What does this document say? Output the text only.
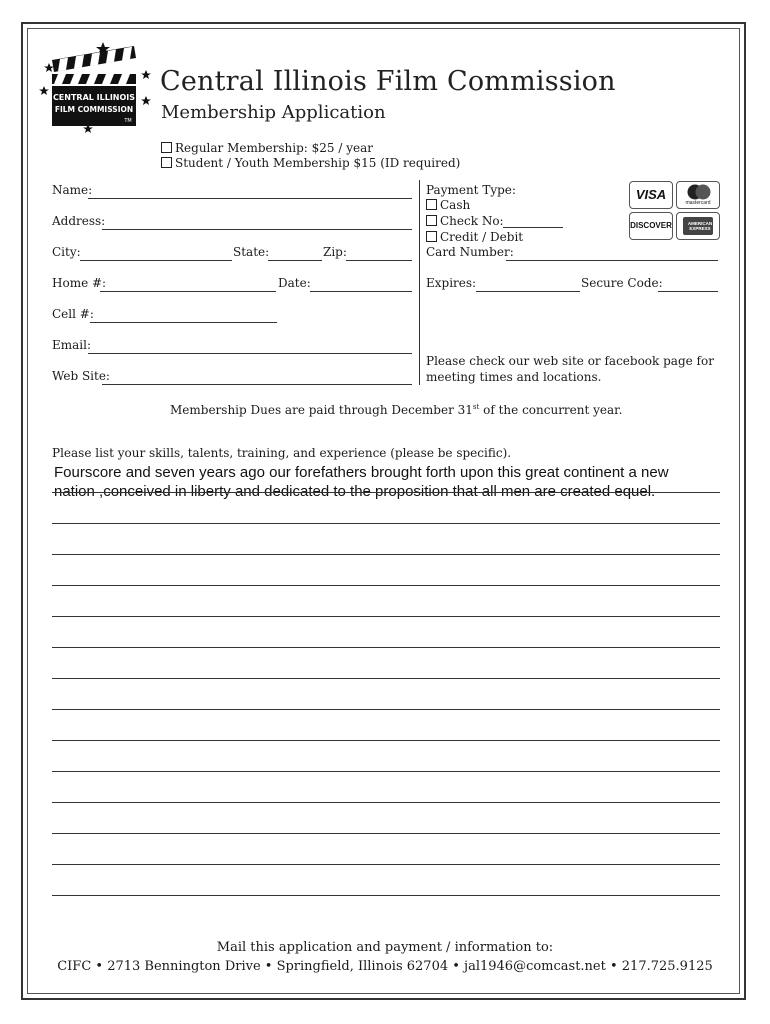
CENTRAL ILLINOIS
FILM COMMISSION
TM
Central Illinois Film Commission
Membership Application
Regular Membership: $25 / year
Student / Youth Membership $15 (ID required)
Name:
Address:
City:	State:	Zip:
Home #:	Date:
Cell #:
Email:
Web Site:
Payment Type:
Cash
Check No:
Credit / Debit
VISA
mastercard
DISCOVER	AMERICAN EXPRESS
Card Number:
Expires:	Secure Code:
Please check our web site or facebook page for
meeting times and locations.
Membership Dues are paid through December 31st of the concurrent year.
Please list your skills, talents, training, and experience (please be specific).
Fourscore and seven years ago our forefathers brought forth upon this great continent a new
nation ,conceived in liberty and dedicated to the proposition that all men are created equel.
Mail this application and payment / information to:
CIFC • 2713 Bennington Drive • Springfield, Illinois 62704 • jal1946@comcast.net • 217.725.9125
